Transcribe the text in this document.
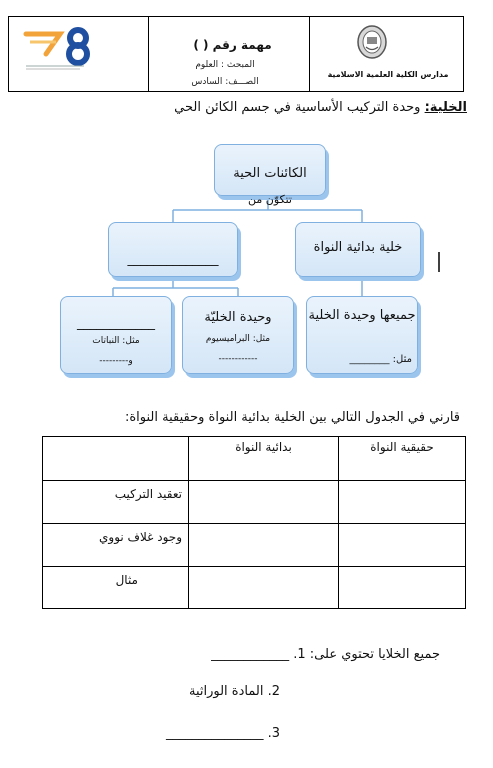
مهمة رقم ( )
المبحث : العلوم
الصـــف: السادس
مدارس الكلية العلمية الاسلامية
الخلية: وحدة التركيب الأساسية في جسم الكائن الحي
الكائنات الحية
تتكوّن من
______________
خلية بدائية النواة
____________
مثل: النباتات
و---------
وحيدة الخليّة
مثل: البراميسيوم
------------
جميعها وحيدة الخلية
مثل: ________
قارني في الجدول التالي بين الخلية بدائية النواة وحقيقية النواة:
	بدائية النواة	حقيقية النواة
تعقيد التركيب		
وجود غلاف نووي		
مثال		
جميع الخلايا تحتوي على: 1. ____________
2. المادة الوراثية
3. _______________
